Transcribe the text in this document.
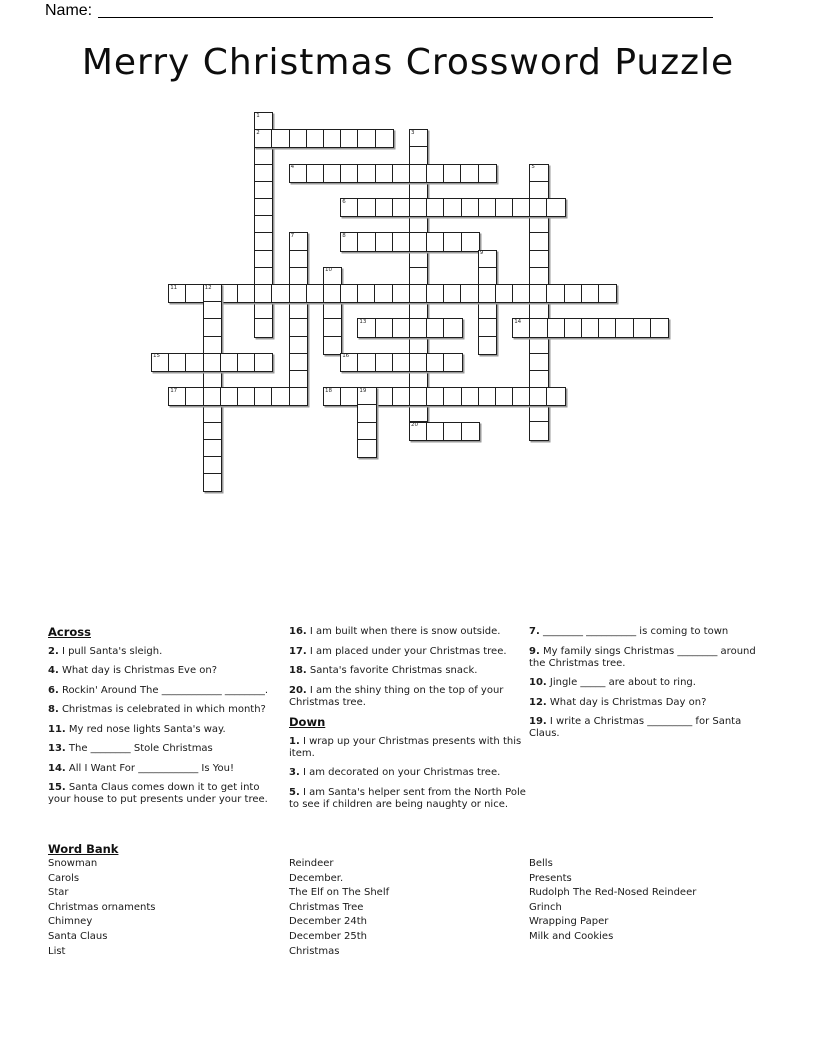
Name:
Merry Christmas Crossword Puzzle
1
2	3
4	5
6
7	8
9
10
11	12
13	14
15	16
17	18	19
20
Across

2. I pull Santa's sleigh.

4. What day is Christmas Eve on?

6. Rockin' Around The ____________ ________.

8. Christmas is celebrated in which month?

11. My red nose lights Santa's way.

13. The ________ Stole Christmas

14. All I Want For ____________ Is You!

15. Santa Claus comes down it to get into your house to put presents under your tree.

16. I am built when there is snow outside.

17. I am placed under your Christmas tree.

18. Santa's favorite Christmas snack.

20. I am the shiny thing on the top of your Christmas tree.

Down

1. I wrap up your Christmas presents with this item.

3. I am decorated on your Christmas tree.

5. I am Santa's helper sent from the North Pole to see if children are being naughty or nice.

7. ________ __________ is coming to town

9. My family sings Christmas ________ around the Christmas tree.

10. Jingle _____ are about to ring.

12. What day is Christmas Day on?

19. I write a Christmas _________ for Santa Claus.

Word Bank
Snowman
Carols
Star
Christmas ornaments
Chimney
Santa Claus
List
Reindeer
December.
The Elf on The Shelf
Christmas Tree
December 24th
December 25th
Christmas
Bells
Presents
Rudolph The Red-Nosed Reindeer
Grinch
Wrapping Paper
Milk and Cookies
